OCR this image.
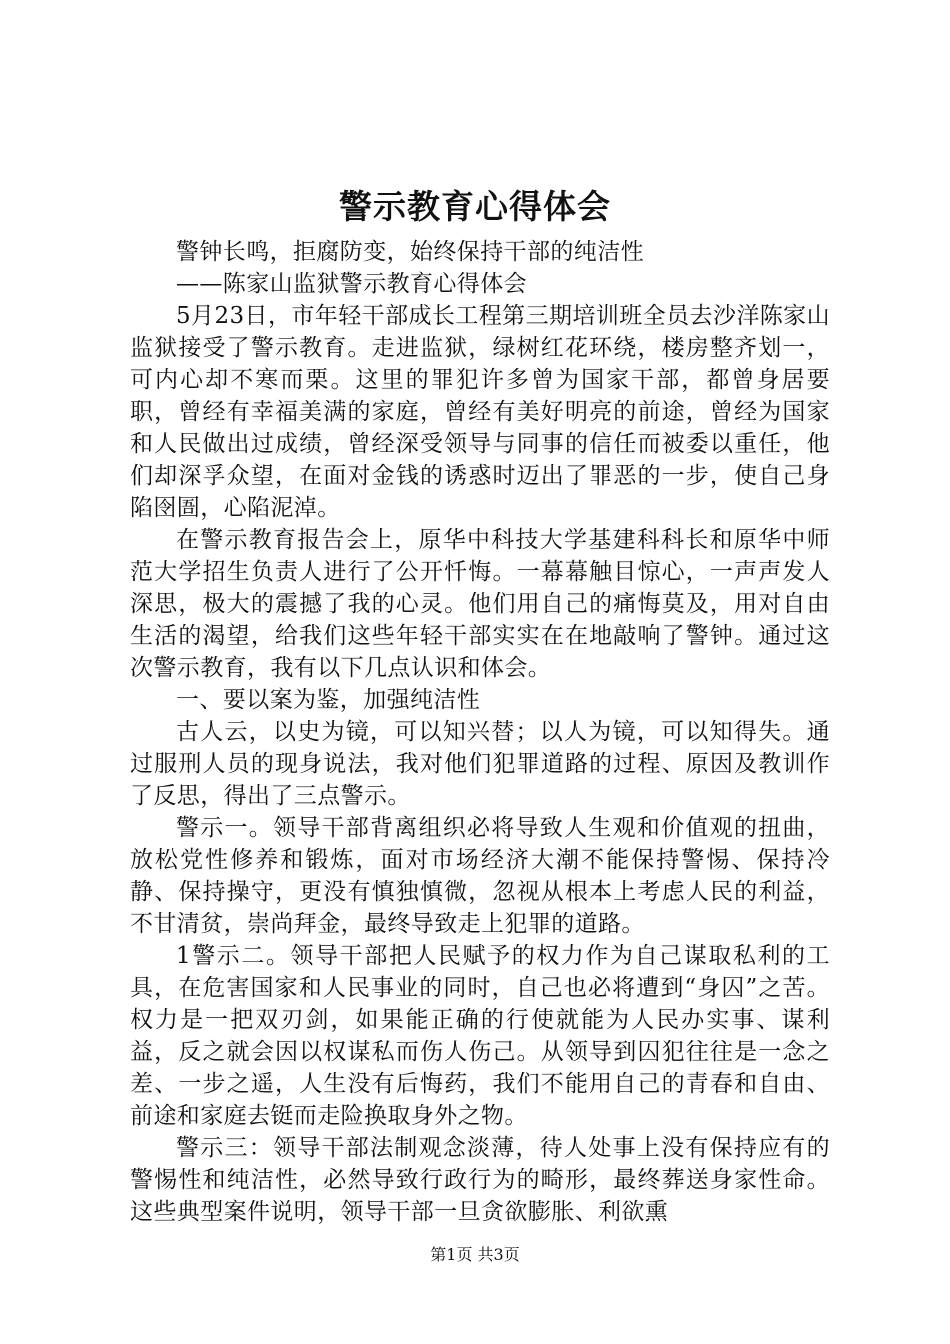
警示教育心得体会

警钟长鸣，拒腐防变，始终保持干部的纯洁性

——陈家山监狱警示教育心得体会

5月23日，市年轻干部成长工程第三期培训班全员去沙洋陈家山监狱接受了警示教育。走进监狱，绿树红花环绕，楼房整齐划一，可内心却不寒而栗。这里的罪犯许多曾为国家干部，都曾身居要职，曾经有幸福美满的家庭，曾经有美好明亮的前途，曾经为国家和人民做出过成绩，曾经深受领导与同事的信任而被委以重任，他们却深孚众望，在面对金钱的诱惑时迈出了罪恶的一步，使自己身陷囹圄，心陷泥淖。

在警示教育报告会上，原华中科技大学基建科科长和原华中师范大学招生负责人进行了公开忏悔。一幕幕触目惊心，一声声发人深思，极大的震撼了我的心灵。他们用自己的痛悔莫及，用对自由生活的渴望，给我们这些年轻干部实实在在地敲响了警钟。通过这次警示教育，我有以下几点认识和体会。

一、要以案为鉴，加强纯洁性

古人云，以史为镜，可以知兴替；以人为镜，可以知得失。通过服刑人员的现身说法，我对他们犯罪道路的过程、原因及教训作了反思，得出了三点警示。

警示一。领导干部背离组织必将导致人生观和价值观的扭曲，放松党性修养和锻炼，面对市场经济大潮不能保持警惕、保持冷静、保持操守，更没有慎独慎微，忽视从根本上考虑人民的利益，不甘清贫，崇尚拜金，最终导致走上犯罪的道路。

1警示二。领导干部把人民赋予的权力作为自己谋取私利的工具，在危害国家和人民事业的同时，自己也必将遭到“身囚”之苦。权力是一把双刃剑，如果能正确的行使就能为人民办实事、谋利益，反之就会因以权谋私而伤人伤己。从领导到囚犯往往是一念之差、一步之遥，人生没有后悔药，我们不能用自己的青春和自由、前途和家庭去铤而走险换取身外之物。

警示三：领导干部法制观念淡薄，待人处事上没有保持应有的警惕性和纯洁性，必然导致行政行为的畸形，最终葬送身家性命。这些典型案件说明，领导干部一旦贪欲膨胀、利欲熏

第1页 共3页
